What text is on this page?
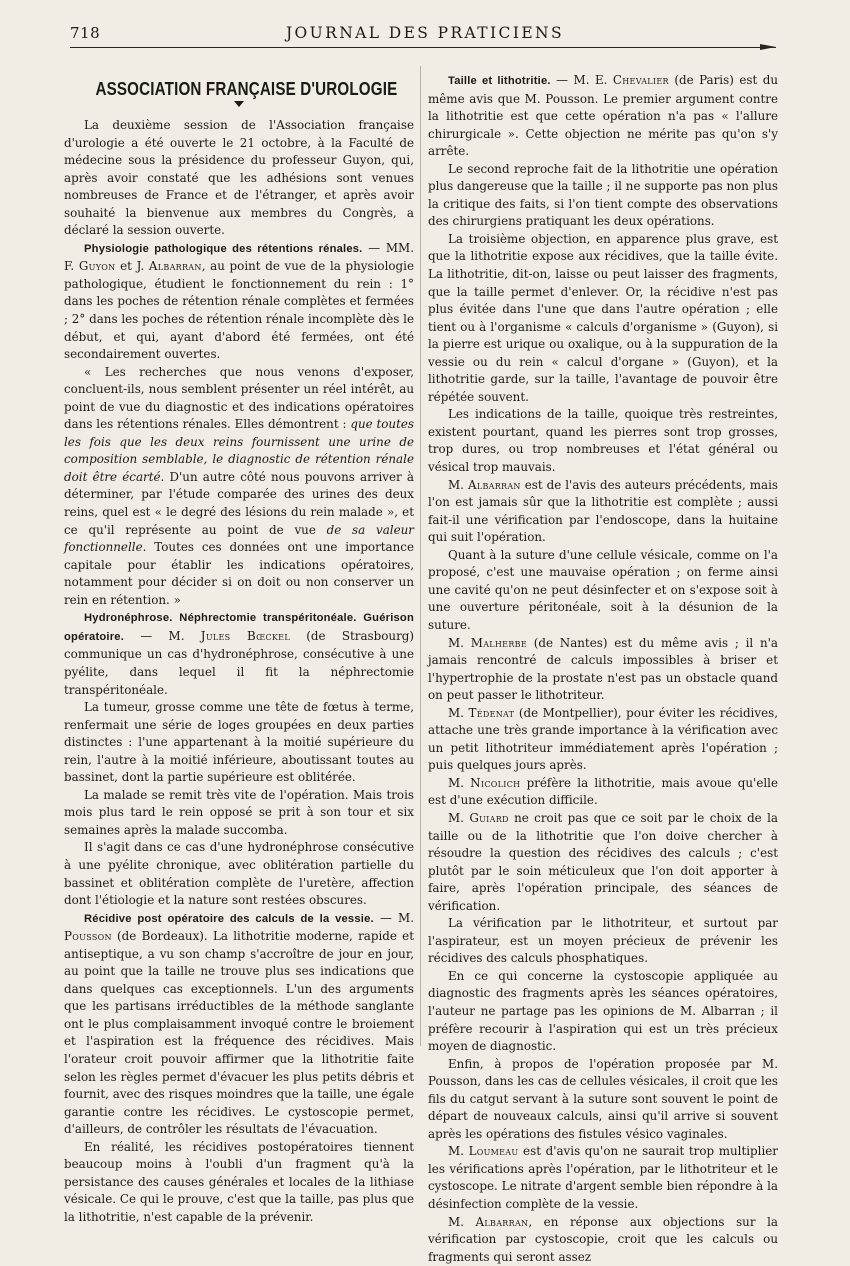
718	JOURNAL DES PRATICIENS
ASSOCIATION FRANÇAISE D'UROLOGIE

La deuxième session de l'Association française d'urologie a été ouverte le 21 octobre, à la Faculté de médecine sous la présidence du professeur Guyon, qui, après avoir constaté que les adhésions sont venues nombreuses de France et de l'étranger, et après avoir souhaité la bienvenue aux membres du Congrès, a déclaré la session ouverte.

Physiologie pathologique des rétentions rénales. — MM. F. Guyon et J. Albarran, au point de vue de la physiologie pathologique, étudient le fonctionnement du rein : 1° dans les poches de rétention rénale complètes et fermées ; 2° dans les poches de rétention rénale incomplète dès le début, et qui, ayant d'abord été fermées, ont été secondairement ouvertes.

« Les recherches que nous venons d'exposer, concluent-ils, nous semblent présenter un réel intérêt, au point de vue du diagnostic et des indications opératoires dans les rétentions rénales. Elles démontrent : que toutes les fois que les deux reins fournissent une urine de composition semblable, le diagnostic de rétention rénale doit être écarté. D'un autre côté nous pouvons arriver à déterminer, par l'étude comparée des urines des deux reins, quel est « le degré des lésions du rein malade », et ce qu'il représente au point de vue de sa valeur fonctionnelle. Toutes ces données ont une importance capitale pour établir les indications opératoires, notamment pour décider si on doit ou non conserver un rein en rétention. »

Hydronéphrose. Néphrectomie transpéritonéale. Guérison opératoire. — M. Jules Bœckel (de Strasbourg) communique un cas d'hydronéphrose, consécutive à une pyélite, dans lequel il fit la néphrectomie transpéritonéale.

La tumeur, grosse comme une tête de fœtus à terme, renfermait une série de loges groupées en deux parties distinctes : l'une appartenant à la moitié supérieure du rein, l'autre à la moitié inférieure, aboutissant toutes au bassinet, dont la partie supérieure est oblitérée.

La malade se remit très vite de l'opération. Mais trois mois plus tard le rein opposé se prit à son tour et six semaines après la malade succomba.

Il s'agit dans ce cas d'une hydronéphrose consécutive à une pyélite chronique, avec oblitération partielle du bassinet et oblitération complète de l'uretère, affection dont l'étiologie et la nature sont restées obscures.

Récidive post opératoire des calculs de la vessie. — M. Pousson (de Bordeaux). La lithotritie moderne, rapide et antiseptique, a vu son champ s'accroître de jour en jour, au point que la taille ne trouve plus ses indications que dans quelques cas exceptionnels. L'un des arguments que les partisans irréductibles de la méthode sanglante ont le plus complaisamment invoqué contre le broiement et l'aspiration est la fréquence des récidives. Mais l'orateur croit pouvoir affirmer que la lithotritie faite selon les règles permet d'évacuer les plus petits débris et fournit, avec des risques moindres que la taille, une égale garantie contre les récidives. Le cystoscopie permet, d'ailleurs, de contrôler les résultats de l'évacuation.

En réalité, les récidives postopératoires tiennent beaucoup moins à l'oubli d'un fragment qu'à la persistance des causes générales et locales de la lithiase vésicale. Ce qui le prouve, c'est que la taille, pas plus que la lithotritie, n'est capable de la prévenir.

Taille et lithotritie. — M. E. Chevalier (de Paris) est du même avis que M. Pousson. Le premier argument contre la lithotritie est que cette opération n'a pas « l'allure chirurgicale ». Cette objection ne mérite pas qu'on s'y arrête.

Le second reproche fait de la lithotritie une opération plus dangereuse que la taille ; il ne supporte pas non plus la critique des faits, si l'on tient compte des observations des chirurgiens pratiquant les deux opérations.

La troisième objection, en apparence plus grave, est que la lithotritie expose aux récidives, que la taille évite. La lithotritie, dit-on, laisse ou peut laisser des fragments, que la taille permet d'enlever. Or, la récidive n'est pas plus évitée dans l'une que dans l'autre opération ; elle tient ou à l'organisme « calculs d'organisme » (Guyon), si la pierre est urique ou oxalique, ou à la suppuration de la vessie ou du rein « calcul d'organe » (Guyon), et la lithotritie garde, sur la taille, l'avantage de pouvoir être répétée souvent.

Les indications de la taille, quoique très restreintes, existent pourtant, quand les pierres sont trop grosses, trop dures, ou trop nombreuses et l'état général ou vésical trop mauvais.

M. Albarran est de l'avis des auteurs précédents, mais l'on est jamais sûr que la lithotritie est complète ; aussi fait-il une vérification par l'endoscope, dans la huitaine qui suit l'opération.

Quant à la suture d'une cellule vésicale, comme on l'a proposé, c'est une mauvaise opération ; on ferme ainsi une cavité qu'on ne peut désinfecter et on s'expose soit à une ouverture péritonéale, soit à la désunion de la suture.

M. Malherbe (de Nantes) est du même avis ; il n'a jamais rencontré de calculs impossibles à briser et l'hypertrophie de la prostate n'est pas un obstacle quand on peut passer le lithotriteur.

M. Tédenat (de Montpellier), pour éviter les récidives, attache une très grande importance à la vérification avec un petit lithotriteur immédiatement après l'opération ; puis quelques jours après.

M. Nicolich préfère la lithotritie, mais avoue qu'elle est d'une exécution difficile.

M. Guiard ne croit pas que ce soit par le choix de la taille ou de la lithotritie que l'on doive chercher à résoudre la question des récidives des calculs ; c'est plutôt par le soin méticuleux que l'on doit apporter à faire, après l'opération principale, des séances de vérification.

La vérification par le lithotriteur, et surtout par l'aspirateur, est un moyen précieux de prévenir les récidives des calculs phosphatiques.

En ce qui concerne la cystoscopie appliquée au diagnostic des fragments après les séances opératoires, l'auteur ne partage pas les opinions de M. Albarran ; il préfère recourir à l'aspiration qui est un très précieux moyen de diagnostic.

Enfin, à propos de l'opération proposée par M. Pousson, dans les cas de cellules vésicales, il croit que les fils du catgut servant à la suture sont souvent le point de départ de nouveaux calculs, ainsi qu'il arrive si souvent après les opérations des fistules vésico vaginales.

M. Loumeau est d'avis qu'on ne saurait trop multiplier les vérifications après l'opération, par le lithotriteur et le cystoscope. Le nitrate d'argent semble bien répondre à la désinfection complète de la vessie.

M. Albarran, en réponse aux objections sur la vérification par cystoscopie, croit que les calculs ou fragments qui seront assez
